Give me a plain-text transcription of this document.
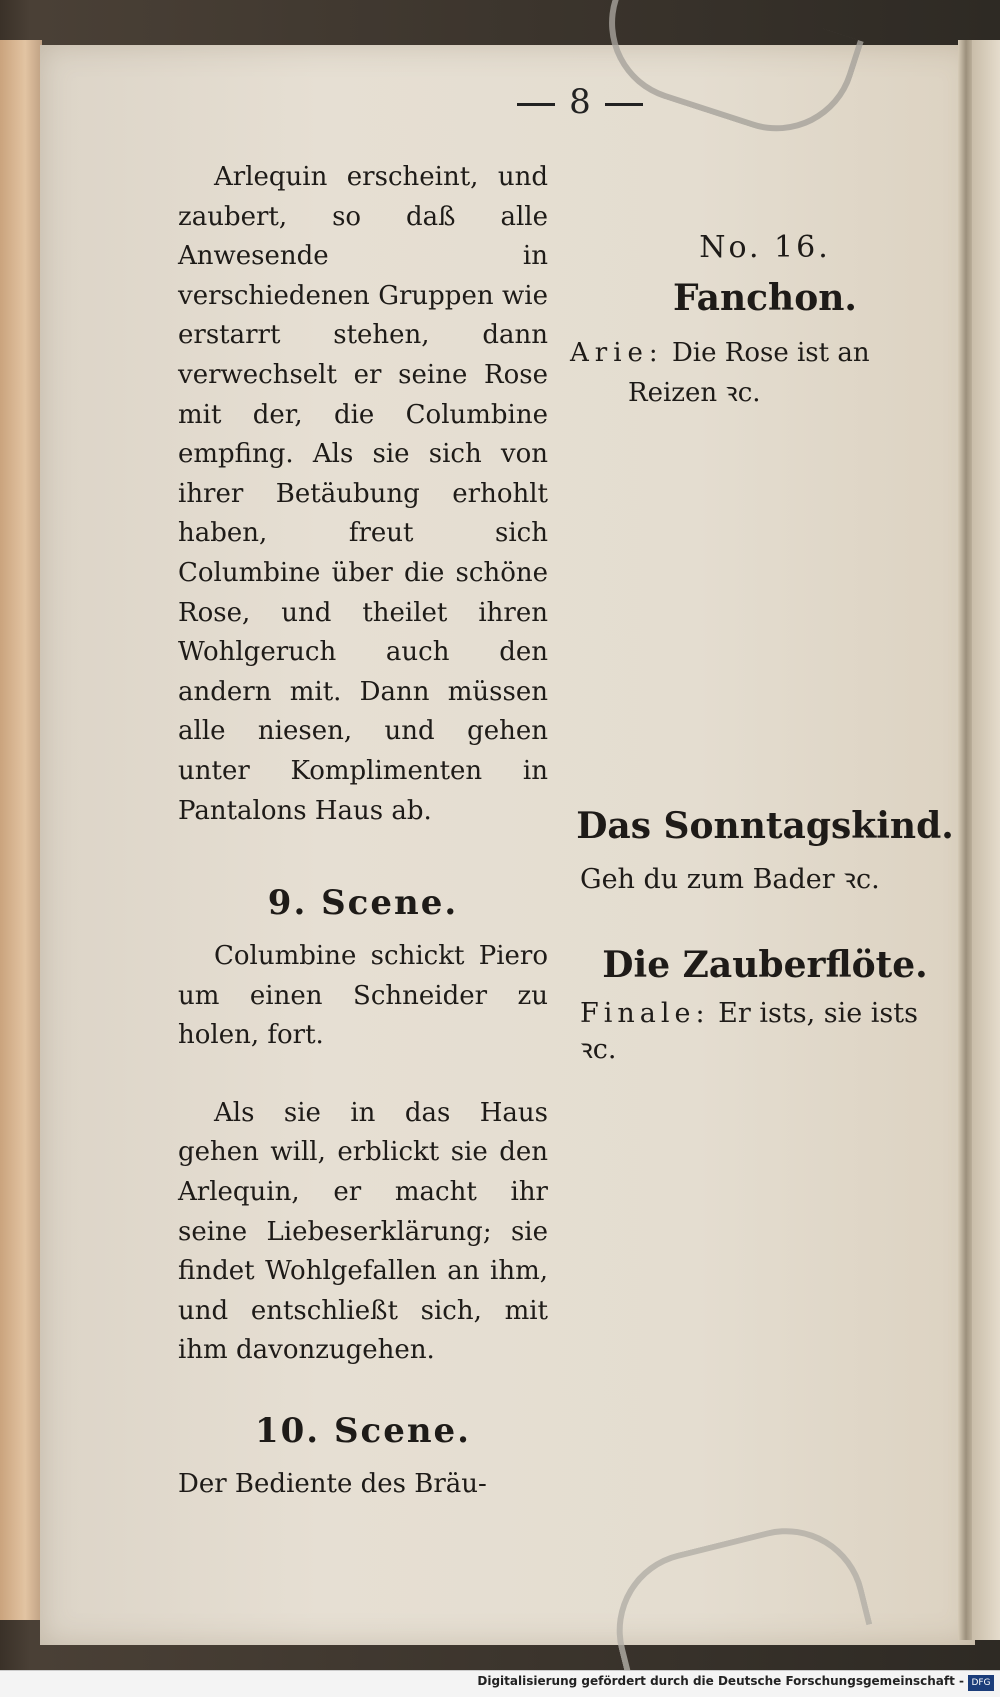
8

Arlequin erscheint, und zaubert, so daß alle Anwesende in verschiedenen Gruppen wie erstarrt stehen, dann verwechselt er seine Rose mit der, die Columbine empfing. Als sie sich von ihrer Betäubung erhohlt haben, freut sich Columbine über die schöne Rose, und theilet ihren Wohlgeruch auch den andern mit. Dann müssen alle niesen, und gehen unter Komplimenten in Pantalons Haus ab.

9. Scene.

Columbine schickt Piero um einen Schneider zu holen, fort.

Als sie in das Haus gehen will, erblickt sie den Arlequin, er macht ihr seine Liebeserklärung; sie findet Wohlgefallen an ihm, und entschließt sich, mit ihm davonzugehen.

10. Scene.

Der Bediente des Bräu-

No. 16.
Fanchon.
Arie: Die Rose ist an
Reizen ꝛc.
Das Sonntagskind.
Geh du zum Bader ꝛc.
Die Zauberflöte.
Finale: Er ists, sie ists ꝛc.
Digitalisierung gefördert durch die Deutsche Forschungsgemeinschaft - DFG
